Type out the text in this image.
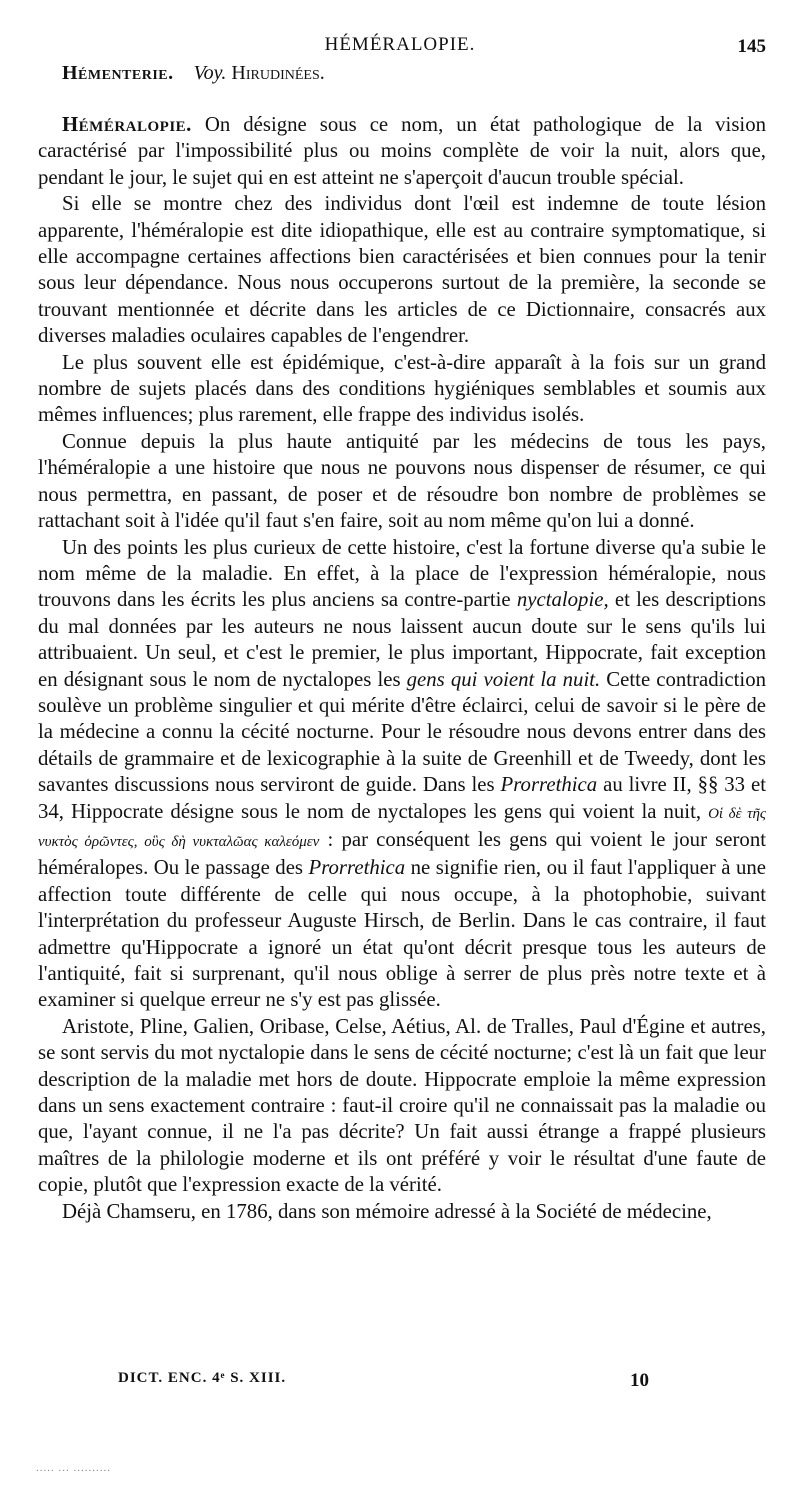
HÉMÉRALOPIE.	145
Hémenterie. Voy. Hirudinées.

Héméralopie. On désigne sous ce nom, un état pathologique de la vision caractérisé par l'impossibilité plus ou moins complète de voir la nuit, alors que, pendant le jour, le sujet qui en est atteint ne s'aperçoit d'aucun trouble spécial.

Si elle se montre chez des individus dont l'œil est indemne de toute lésion apparente, l'héméralopie est dite idiopathique, elle est au contraire symptomatique, si elle accompagne certaines affections bien caractérisées et bien connues pour la tenir sous leur dépendance. Nous nous occuperons surtout de la première, la seconde se trouvant mentionnée et décrite dans les articles de ce Dictionnaire, consacrés aux diverses maladies oculaires capables de l'engendrer.

Le plus souvent elle est épidémique, c'est-à-dire apparaît à la fois sur un grand nombre de sujets placés dans des conditions hygiéniques semblables et soumis aux mêmes influences; plus rarement, elle frappe des individus isolés.

Connue depuis la plus haute antiquité par les médecins de tous les pays, l'héméralopie a une histoire que nous ne pouvons nous dispenser de résumer, ce qui nous permettra, en passant, de poser et de résoudre bon nombre de problèmes se rattachant soit à l'idée qu'il faut s'en faire, soit au nom même qu'on lui a donné.

Un des points les plus curieux de cette histoire, c'est la fortune diverse qu'a subie le nom même de la maladie. En effet, à la place de l'expression héméralopie, nous trouvons dans les écrits les plus anciens sa contre-partie nyctalopie, et les descriptions du mal données par les auteurs ne nous laissent aucun doute sur le sens qu'ils lui attribuaient. Un seul, et c'est le premier, le plus important, Hippocrate, fait exception en désignant sous le nom de nyctalopes les gens qui voient la nuit. Cette contradiction soulève un problème singulier et qui mérite d'être éclairci, celui de savoir si le père de la médecine a connu la cécité nocturne. Pour le résoudre nous devons entrer dans des détails de grammaire et de lexicographie à la suite de Greenhill et de Tweedy, dont les savantes discussions nous serviront de guide. Dans les Prorrethica au livre II, §§ 33 et 34, Hippocrate désigne sous le nom de nyctalopes les gens qui voient la nuit, Οἱ δὲ τῆς νυκτὸς ὁρῶντες, οὓς δὴ νυκταλῶας καλεόμεν : par conséquent les gens qui voient le jour seront héméralopes. Ou le passage des Prorrethica ne signifie rien, ou il faut l'appliquer à une affection toute différente de celle qui nous occupe, à la photophobie, suivant l'interprétation du professeur Auguste Hirsch, de Berlin. Dans le cas contraire, il faut admettre qu'Hippocrate a ignoré un état qu'ont décrit presque tous les auteurs de l'antiquité, fait si surprenant, qu'il nous oblige à serrer de plus près notre texte et à examiner si quelque erreur ne s'y est pas glissée.

Aristote, Pline, Galien, Oribase, Celse, Aétius, Al. de Tralles, Paul d'Égine et autres, se sont servis du mot nyctalopie dans le sens de cécité nocturne; c'est là un fait que leur description de la maladie met hors de doute. Hippocrate emploie la même expression dans un sens exactement contraire : faut-il croire qu'il ne connaissait pas la maladie ou que, l'ayant connue, il ne l'a pas décrite? Un fait aussi étrange a frappé plusieurs maîtres de la philologie moderne et ils ont préféré y voir le résultat d'une faute de copie, plutôt que l'expression exacte de la vérité.

Déjà Chamseru, en 1786, dans son mémoire adressé à la Société de médecine,

DICT. ENC. 4ᵉ S. XIII.	10
..... ... ..........
